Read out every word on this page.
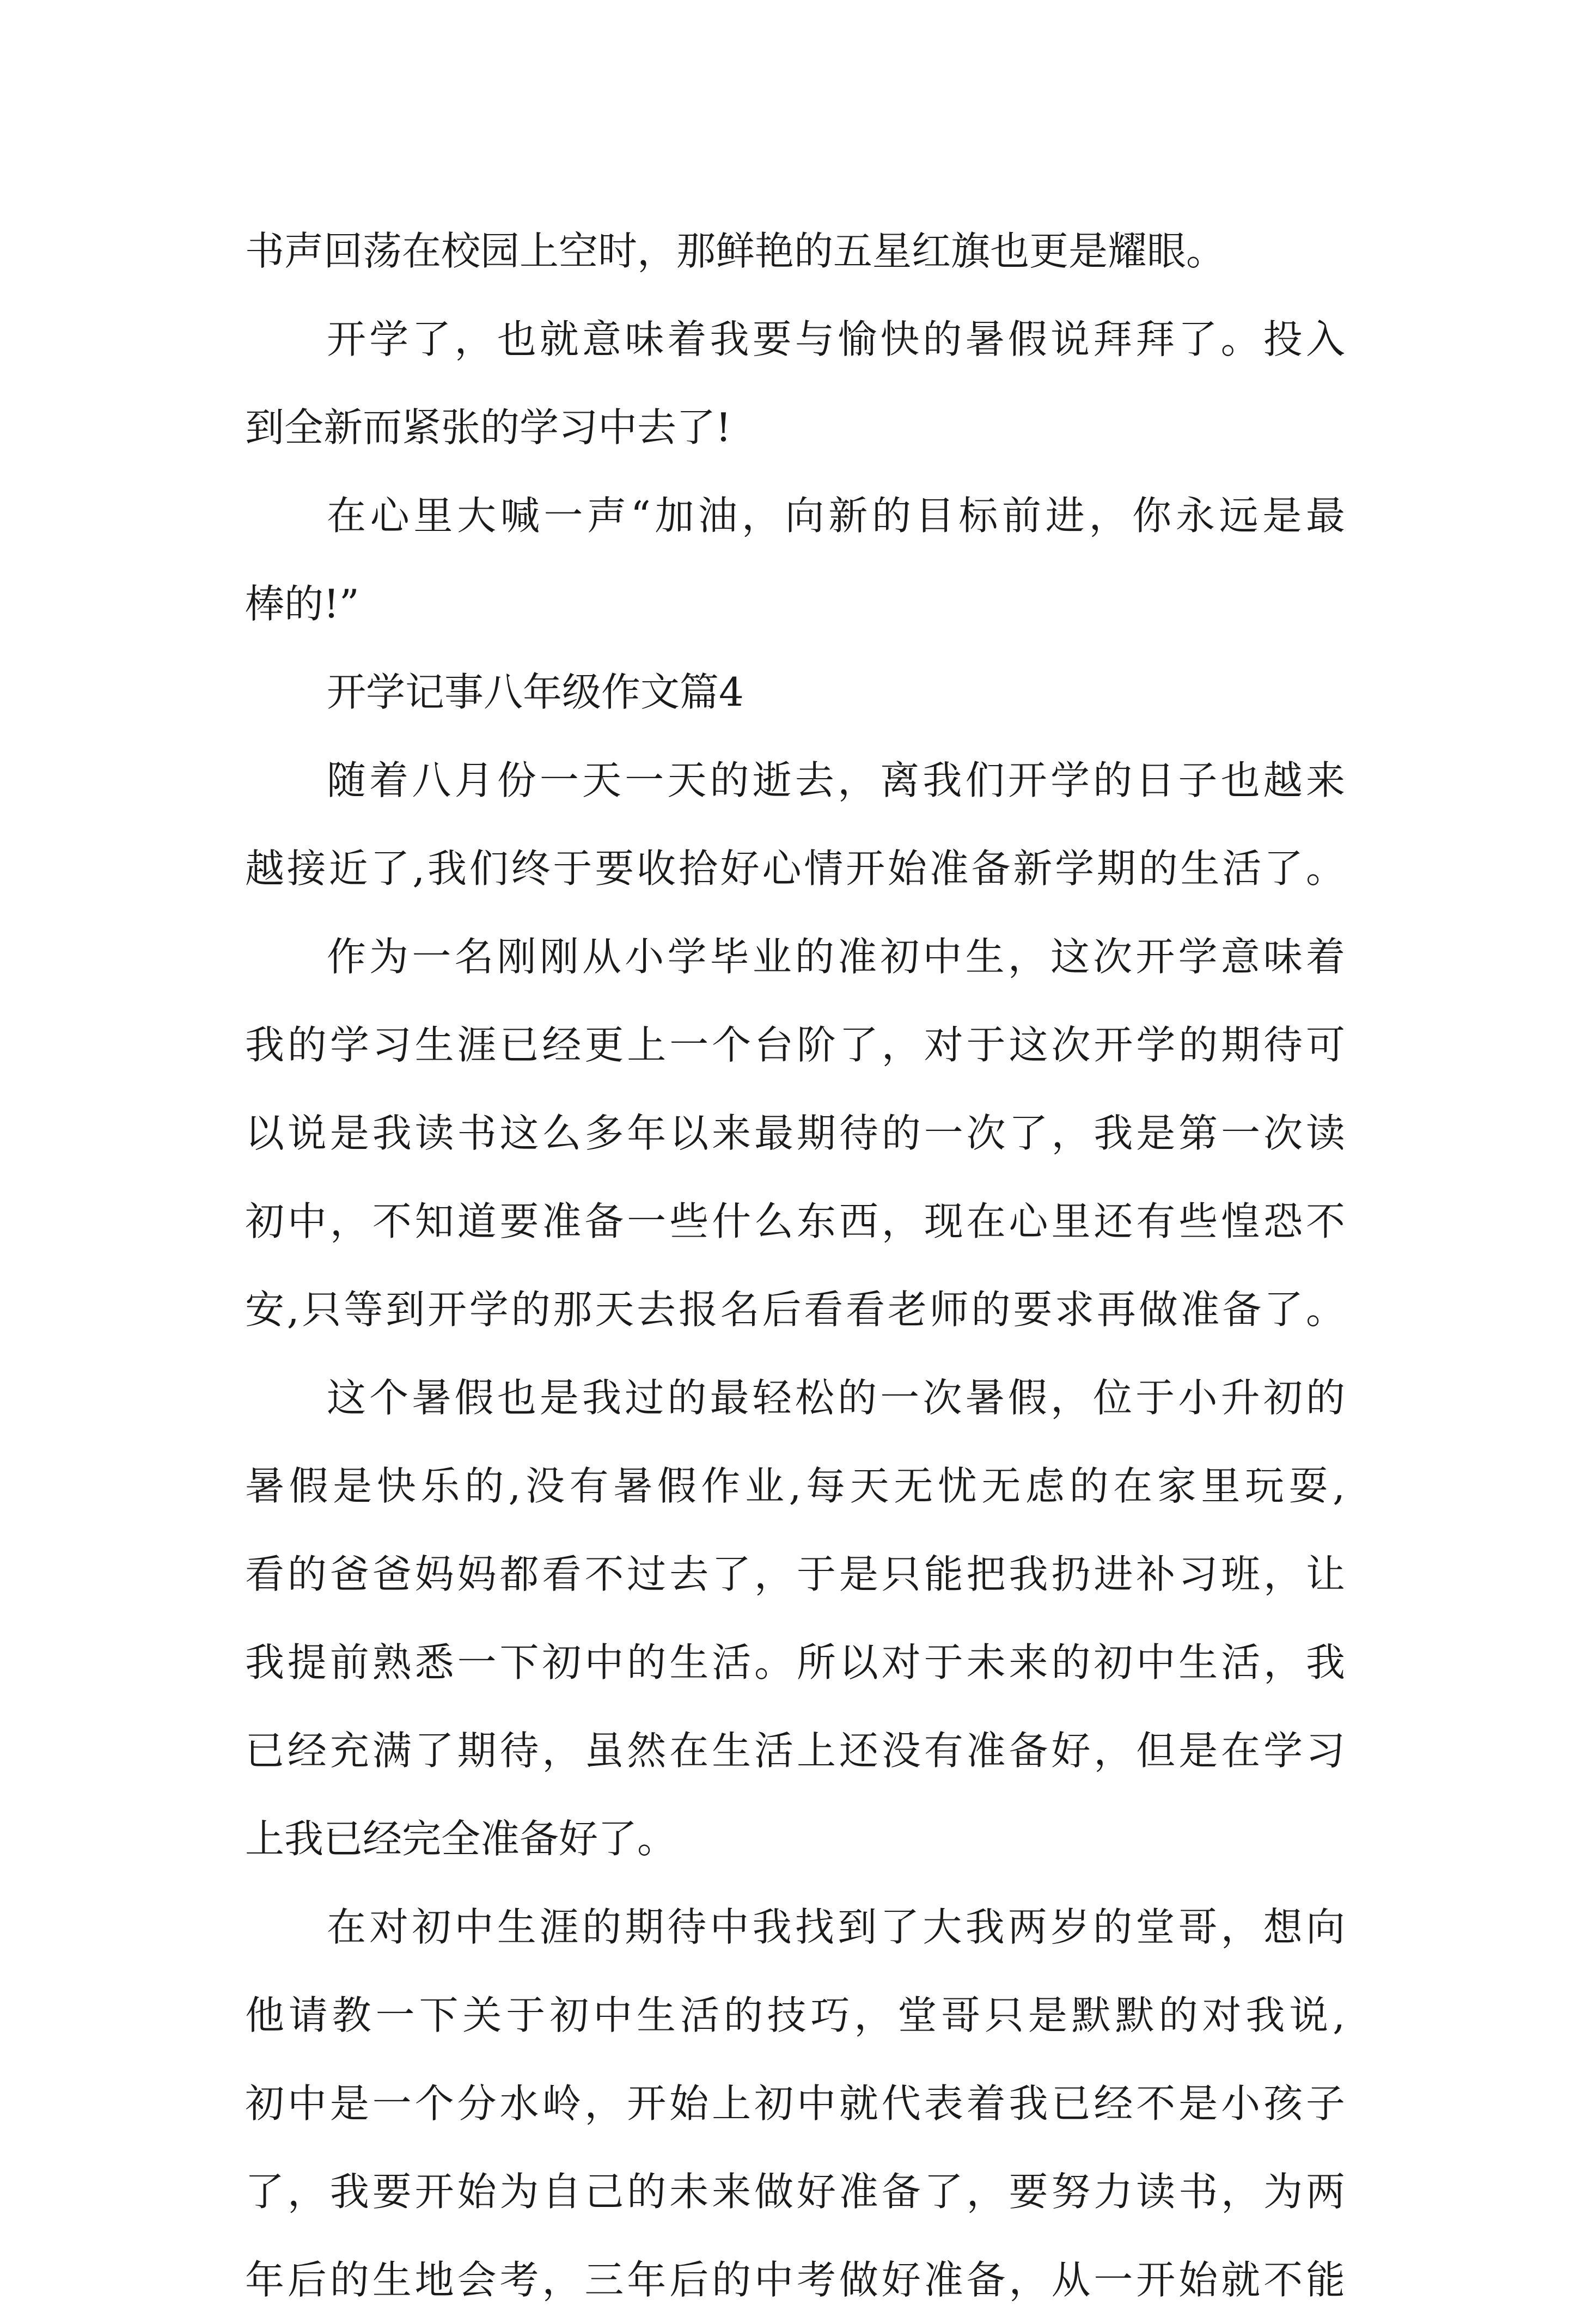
书声回荡在校园上空时，那鲜艳的五星红旗也更是耀眼。
开学了，也就意味着我要与愉快的暑假说拜拜了。投入
到全新而紧张的学习中去了!
在心里大喊一声“加油，向新的目标前进，你永远是最
棒的!”
开学记事八年级作文篇4
随着八月份一天一天的逝去，离我们开学的日子也越来
越接近了,我们终于要收拾好心情开始准备新学期的生活了。
作为一名刚刚从小学毕业的准初中生，这次开学意味着
我的学习生涯已经更上一个台阶了，对于这次开学的期待可
以说是我读书这么多年以来最期待的一次了，我是第一次读
初中，不知道要准备一些什么东西，现在心里还有些惶恐不
安,只等到开学的那天去报名后看看老师的要求再做准备了。
这个暑假也是我过的最轻松的一次暑假，位于小升初的
暑假是快乐的,没有暑假作业,每天无忧无虑的在家里玩耍,
看的爸爸妈妈都看不过去了，于是只能把我扔进补习班，让
我提前熟悉一下初中的生活。所以对于未来的初中生活，我
已经充满了期待，虽然在生活上还没有准备好，但是在学习
上我已经完全准备好了。
在对初中生涯的期待中我找到了大我两岁的堂哥，想向
他请教一下关于初中生活的技巧，堂哥只是默默的对我说,
初中是一个分水岭，开始上初中就代表着我已经不是小孩子
了，我要开始为自己的未来做好准备了，要努力读书，为两
年后的生地会考，三年后的中考做好准备，从一开始就不能
